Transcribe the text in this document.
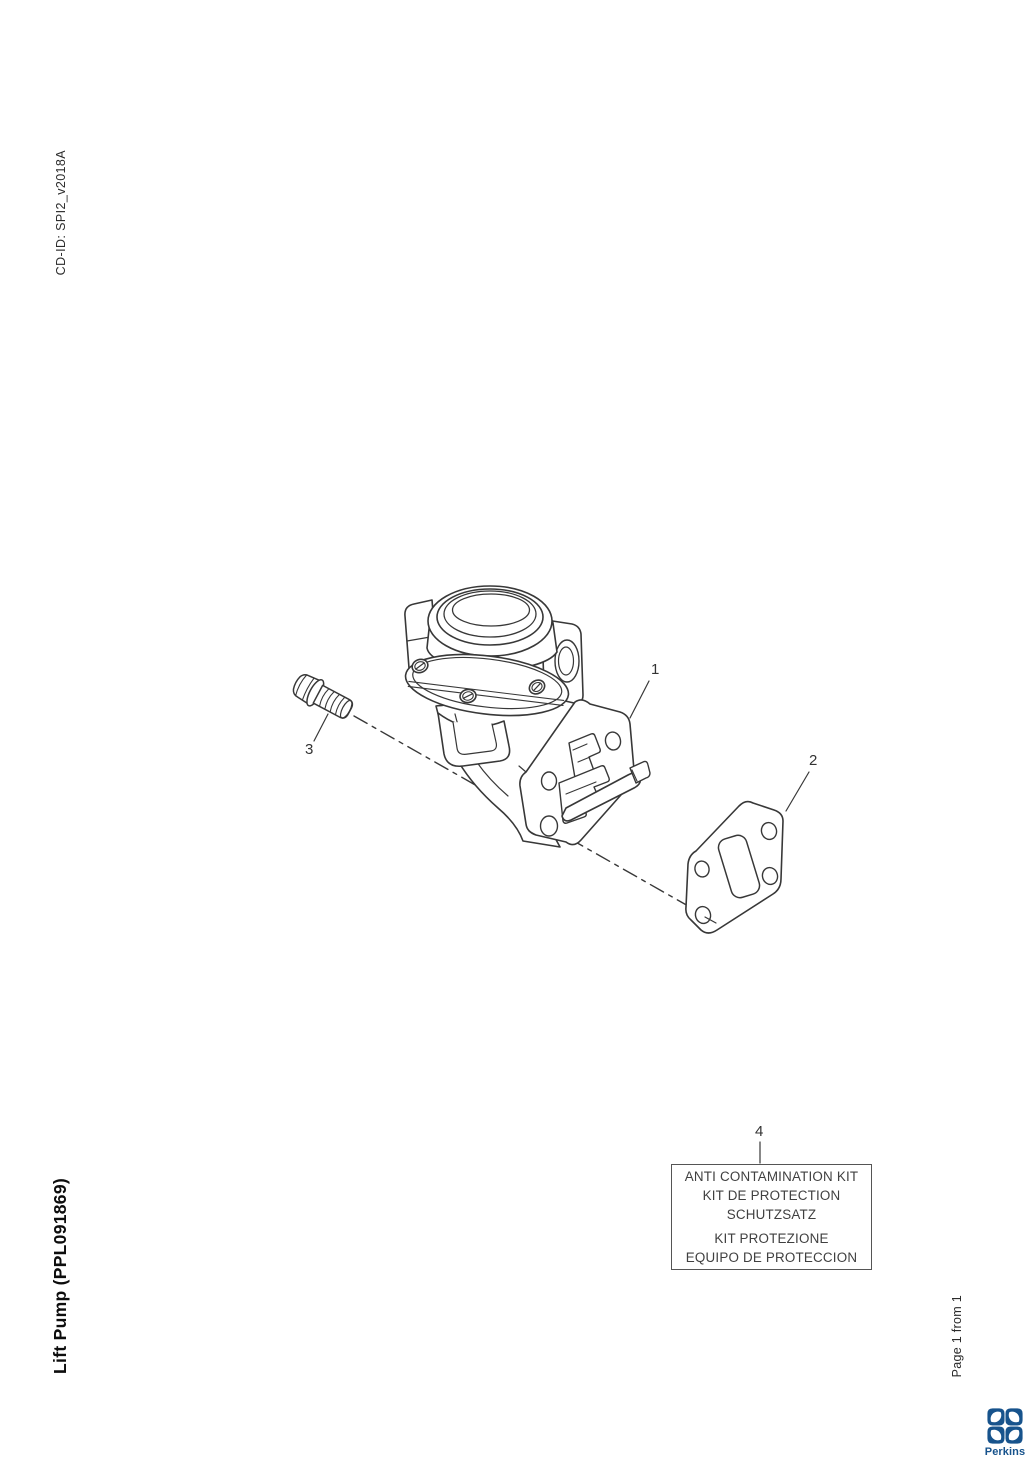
CD-ID: SPI2_v2018A
Lift Pump (PPL091869)	Page 1 from 1
1
2
3
4
ANTI CONTAMINATION KIT
KIT DE PROTECTION
SCHUTZSATZ
KIT PROTEZIONE
EQUIPO DE PROTECCION
Perkins
